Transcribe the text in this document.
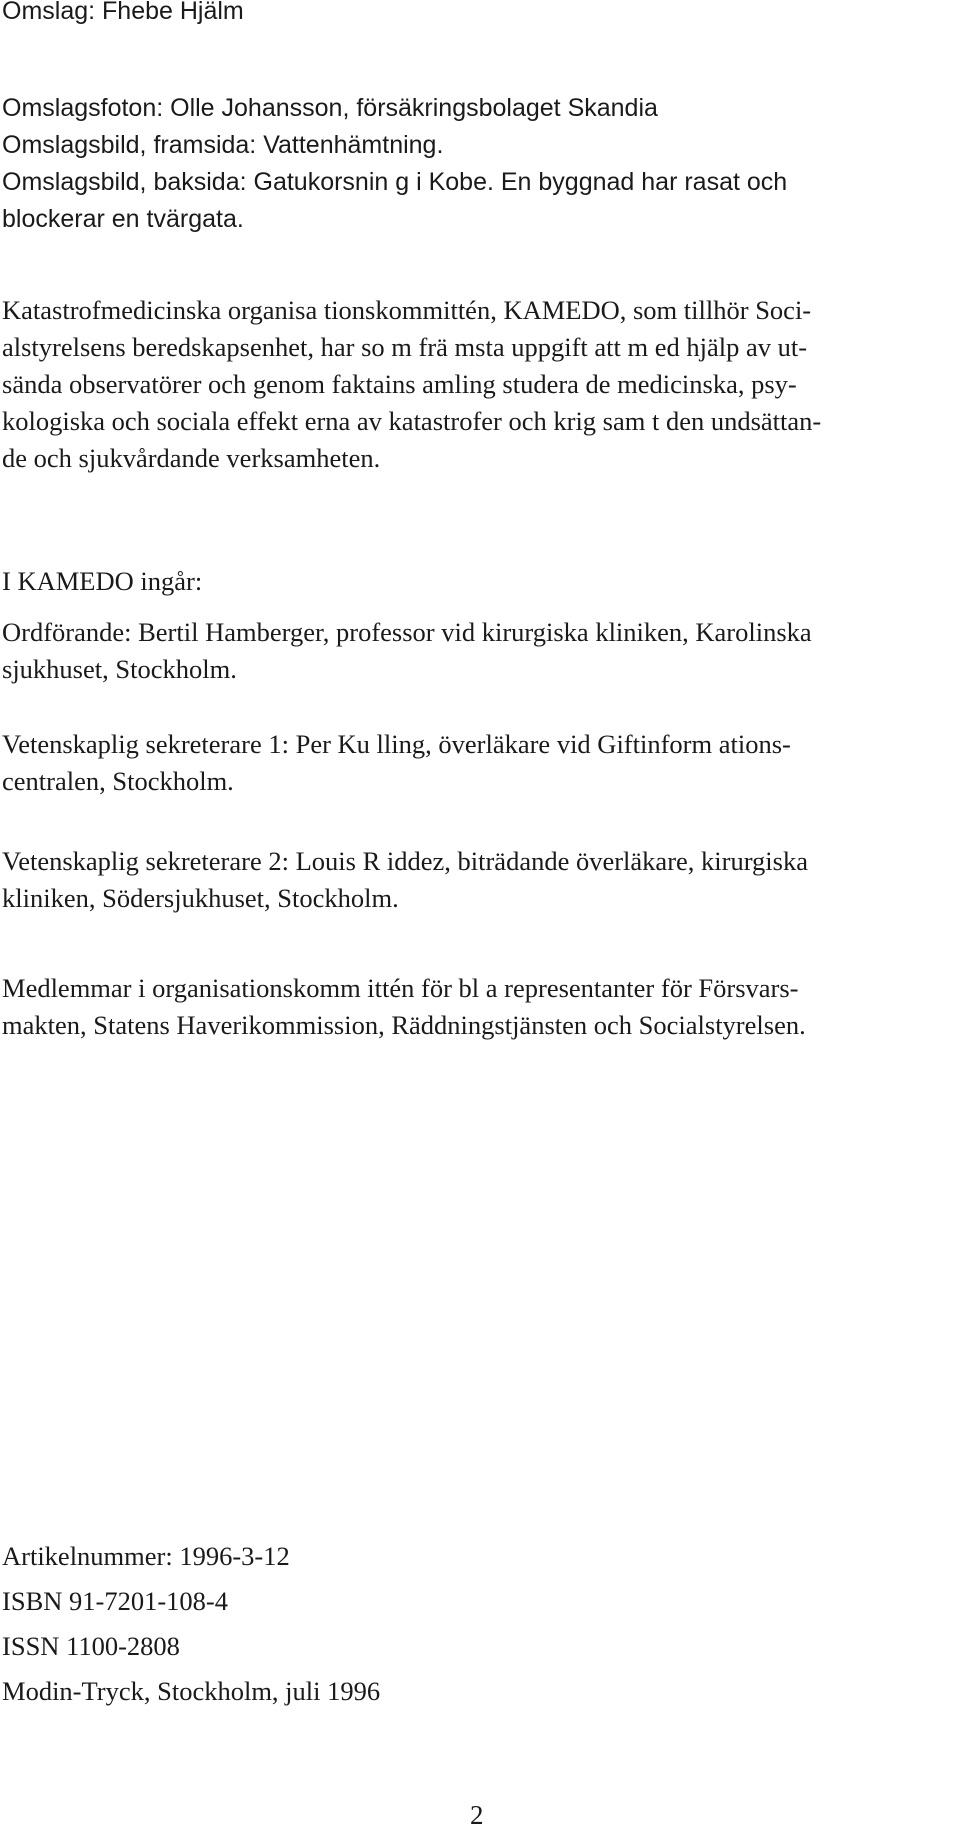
Omslag: Fhebe Hjälm
Omslagsfoton: Olle Johansson, försäkringsbolaget Skandia
Omslagsbild, framsida: Vattenhämtning.
Omslagsbild, baksida: Gatukorsnin g i Kobe. En byggnad har rasat och
blockerar en tvärgata.
Katastrofmedicinska organisa tionskommittén, KAMEDO, som tillhör Soci-
alstyrelsens beredskapsenhet, har so m frä msta uppgift att m ed hjälp av ut-
sända observatörer och genom faktains amling studera de medicinska, psy-
kologiska och sociala effekt erna av katastrofer och krig sam t den undsättan-
de och sjukvårdande verksamheten.
I KAMEDO ingår:
Ordförande: Bertil Hamberger, professor vid kirurgiska kliniken, Karolinska
sjukhuset, Stockholm.
Vetenskaplig sekreterare 1: Per Ku lling, överläkare vid Giftinform ations-
centralen, Stockholm.
Vetenskaplig sekreterare 2: Louis R iddez, biträdande överläkare, kirurgiska
kliniken, Södersjukhuset, Stockholm.
Medlemmar i organisationskomm ittén för bl a representanter för Försvars-
makten, Statens Haverikommission, Räddningstjänsten och Socialstyrelsen.
Artikelnummer: 1996-3-12
ISBN 91-7201-108-4
ISSN 1100-2808
Modin-Tryck, Stockholm, juli 1996
2
